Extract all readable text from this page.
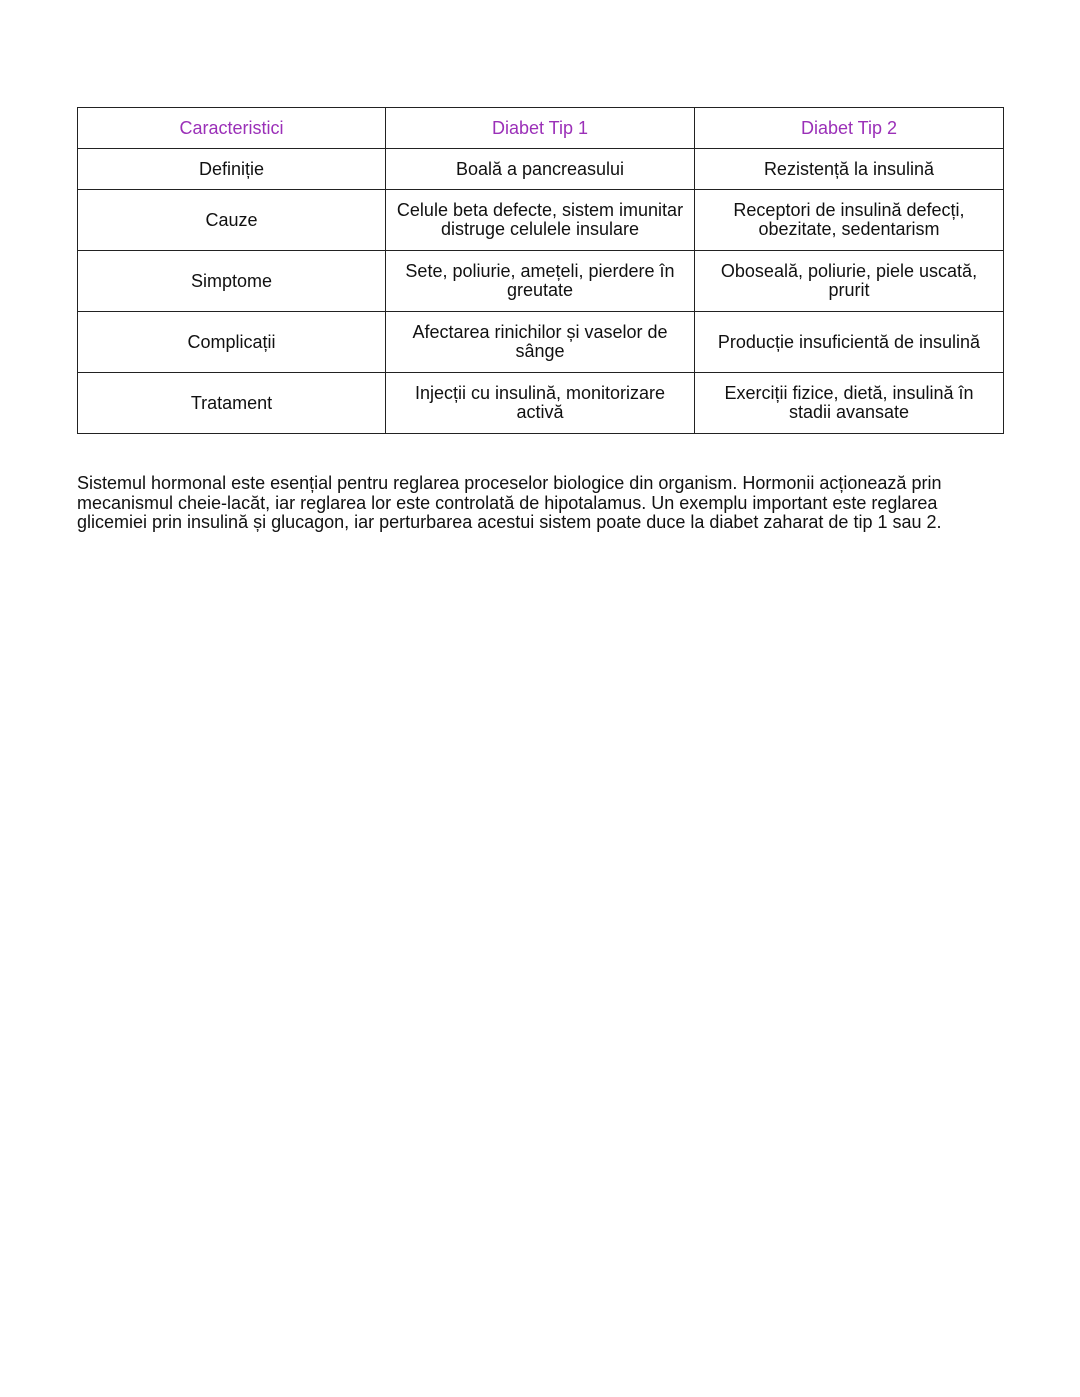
Caracteristici	Diabet Tip 1	Diabet Tip 2
Definiție	Boală a pancreasului	Rezistență la insulină
Cauze	Celule beta defecte, sistem imunitar distruge celulele insulare	Receptori de insulină defecți, obezitate, sedentarism
Simptome	Sete, poliurie, amețeli, pierdere în greutate	Oboseală, poliurie, piele uscată, prurit
Complicații	Afectarea rinichilor și vaselor de sânge	Producție insuficientă de insulină
Tratament	Injecții cu insulină, monitorizare activă	Exerciții fizice, dietă, insulină în stadii avansate

Sistemul hormonal este esențial pentru reglarea proceselor biologice din organism. Hormonii acționează prin mecanismul cheie-lacăt, iar reglarea lor este controlată de hipotalamus. Un exemplu important este reglarea glicemiei prin insulină și glucagon, iar perturbarea acestui sistem poate duce la diabet zaharat de tip 1 sau 2.
